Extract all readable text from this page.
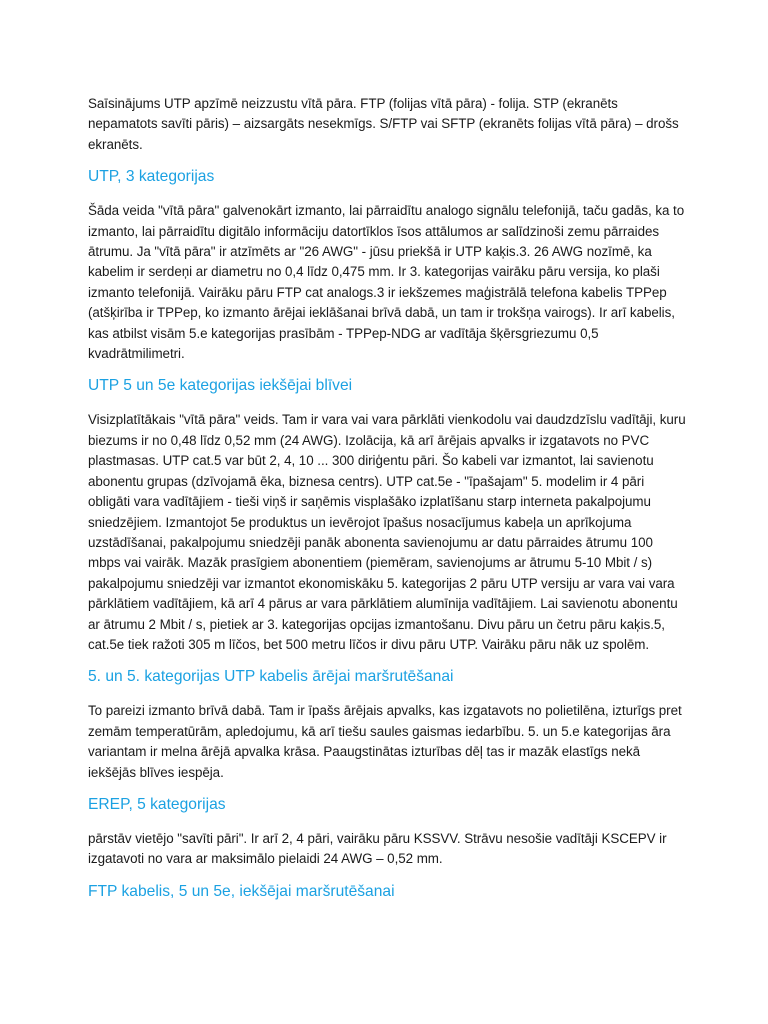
Saīsinājums UTP apzīmē neizzustu vītā pāra. FTP (folijas vītā pāra) - folija. STP (ekranēts nepamatots savīti pāris) – aizsargāts nesekmīgs. S/FTP vai SFTP (ekranēts folijas vītā pāra) – drošs ekranēts.

UTP, 3 kategorijas

Šāda veida "vītā pāra" galvenokārt izmanto, lai pārraidītu analogo signālu telefonijā, taču gadās, ka to izmanto, lai pārraidītu digitālo informāciju datortīklos īsos attālumos ar salīdzinoši zemu pārraides ātrumu. Ja "vītā pāra" ir atzīmēts ar "26 AWG" - jūsu priekšā ir UTP kaķis.3. 26 AWG nozīmē, ka kabelim ir serdeņi ar diametru no 0,4 līdz 0,475 mm. Ir 3. kategorijas vairāku pāru versija, ko plaši izmanto telefonijā. Vairāku pāru FTP cat analogs.3 ir iekšzemes maģistrālā telefona kabelis TPPep (atšķirība ir TPPep, ko izmanto ārējai ieklāšanai brīvā dabā, un tam ir trokšņa vairogs). Ir arī kabelis, kas atbilst visām 5.e kategorijas prasībām - TPPep-NDG ar vadītāja šķērsgriezumu 0,5 kvadrātmilimetri.

UTP 5 un 5e kategorijas iekšējai blīvei

Visizplatītākais "vītā pāra" veids. Tam ir vara vai vara pārklāti vienkodolu vai daudzdzīslu vadītāji, kuru biezums ir no 0,48 līdz 0,52 mm (24 AWG). Izolācija, kā arī ārējais apvalks ir izgatavots no PVC plastmasas. UTP cat.5 var būt 2, 4, 10 ... 300 diriģentu pāri. Šo kabeli var izmantot, lai savienotu abonentu grupas (dzīvojamā ēka, biznesa centrs). UTP cat.5e - "īpašajam" 5. modelim ir 4 pāri obligāti vara vadītājiem - tieši viņš ir saņēmis visplašāko izplatīšanu starp interneta pakalpojumu sniedzējiem. Izmantojot 5e produktus un ievērojot īpašus nosacījumus kabeļa un aprīkojuma uzstādīšanai, pakalpojumu sniedzēji panāk abonenta savienojumu ar datu pārraides ātrumu 100 mbps vai vairāk. Mazāk prasīgiem abonentiem (piemēram, savienojums ar ātrumu 5-10 Mbit / s) pakalpojumu sniedzēji var izmantot ekonomiskāku 5. kategorijas 2 pāru UTP versiju ar vara vai vara pārklātiem vadītājiem, kā arī 4 pārus ar vara pārklātiem alumīnija vadītājiem. Lai savienotu abonentu ar ātrumu 2 Mbit / s, pietiek ar 3. kategorijas opcijas izmantošanu. Divu pāru un četru pāru kaķis.5, cat.5e tiek ražoti 305 m līčos, bet 500 metru līčos ir divu pāru UTP. Vairāku pāru nāk uz spolēm.

5. un 5. kategorijas UTP kabelis ārējai maršrutēšanai

To pareizi izmanto brīvā dabā. Tam ir īpašs ārējais apvalks, kas izgatavots no polietilēna, izturīgs pret zemām temperatūrām, apledojumu, kā arī tiešu saules gaismas iedarbību. 5. un 5.e kategorijas āra variantam ir melna ārējā apvalka krāsa. Paaugstinātas izturības dēļ tas ir mazāk elastīgs nekā iekšējās blīves iespēja.

EREP, 5 kategorijas

pārstāv vietējo "savīti pāri". Ir arī 2, 4 pāri, vairāku pāru KSSVV. Strāvu nesošie vadītāji KSCEPV ir izgatavoti no vara ar maksimālo pielaidi 24 AWG – 0,52 mm.

FTP kabelis, 5 un 5e, iekšējai maršrutēšanai
